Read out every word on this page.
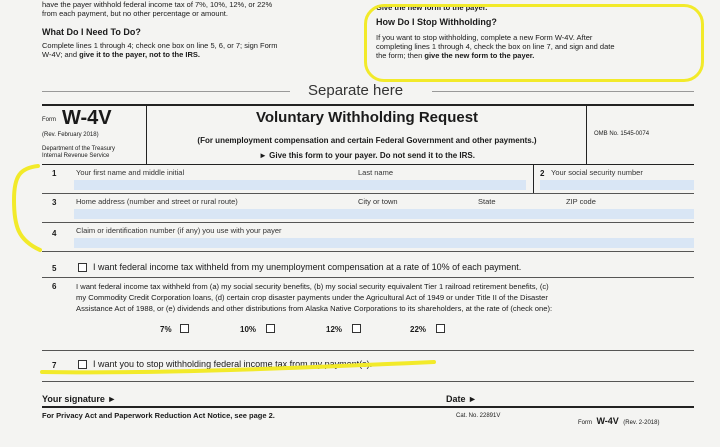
have the payer withhold federal income tax of 7%, 10%, 12%, or 22%
from each payment, but no other percentage or amount.
What Do I Need To Do?
Complete lines 1 through 4; check one box on line 5, 6, or 7; sign Form
W-4V; and give it to the payer, not to the IRS.
Give the new form to the payer.
How Do I Stop Withholding?
If you want to stop withholding, complete a new Form W-4V. After
completing lines 1 through 4, check the box on line 7, and sign and date
the form; then give the new form to the payer.
Separate here
Form W-4V
(Rev. February 2018)
Department of the Treasury
Internal Revenue Service
Voluntary Withholding Request
(For unemployment compensation and certain Federal Government and other payments.)
► Give this form to your payer. Do not send it to the IRS.
OMB No. 1545-0074
1	Your first name and middle initial	Last name	2 Your social security number
3	Home address (number and street or rural route)	City or town	State	ZIP code
4	Claim or identification number (if any) you use with your payer
5	I want federal income tax withheld from my unemployment compensation at a rate of 10% of each payment.
6	I want federal income tax withheld from (a) my social security benefits, (b) my social security equivalent Tier 1 railroad retirement benefits, (c)
my Commodity Credit Corporation loans, (d) certain crop disaster payments under the Agricultural Act of 1949 or under Title II of the Disaster
Assistance Act of 1988, or (e) dividends and other distributions from Alaska Native Corporations to its shareholders, at the rate of (check one):
7%	10%	12%	22%
7	I want you to stop withholding federal income tax from my payment(s).
Your signature ►	Date ►
For Privacy Act and Paperwork Reduction Act Notice, see page 2.	Cat. No. 22891V
Form W-4V (Rev. 2-2018)
